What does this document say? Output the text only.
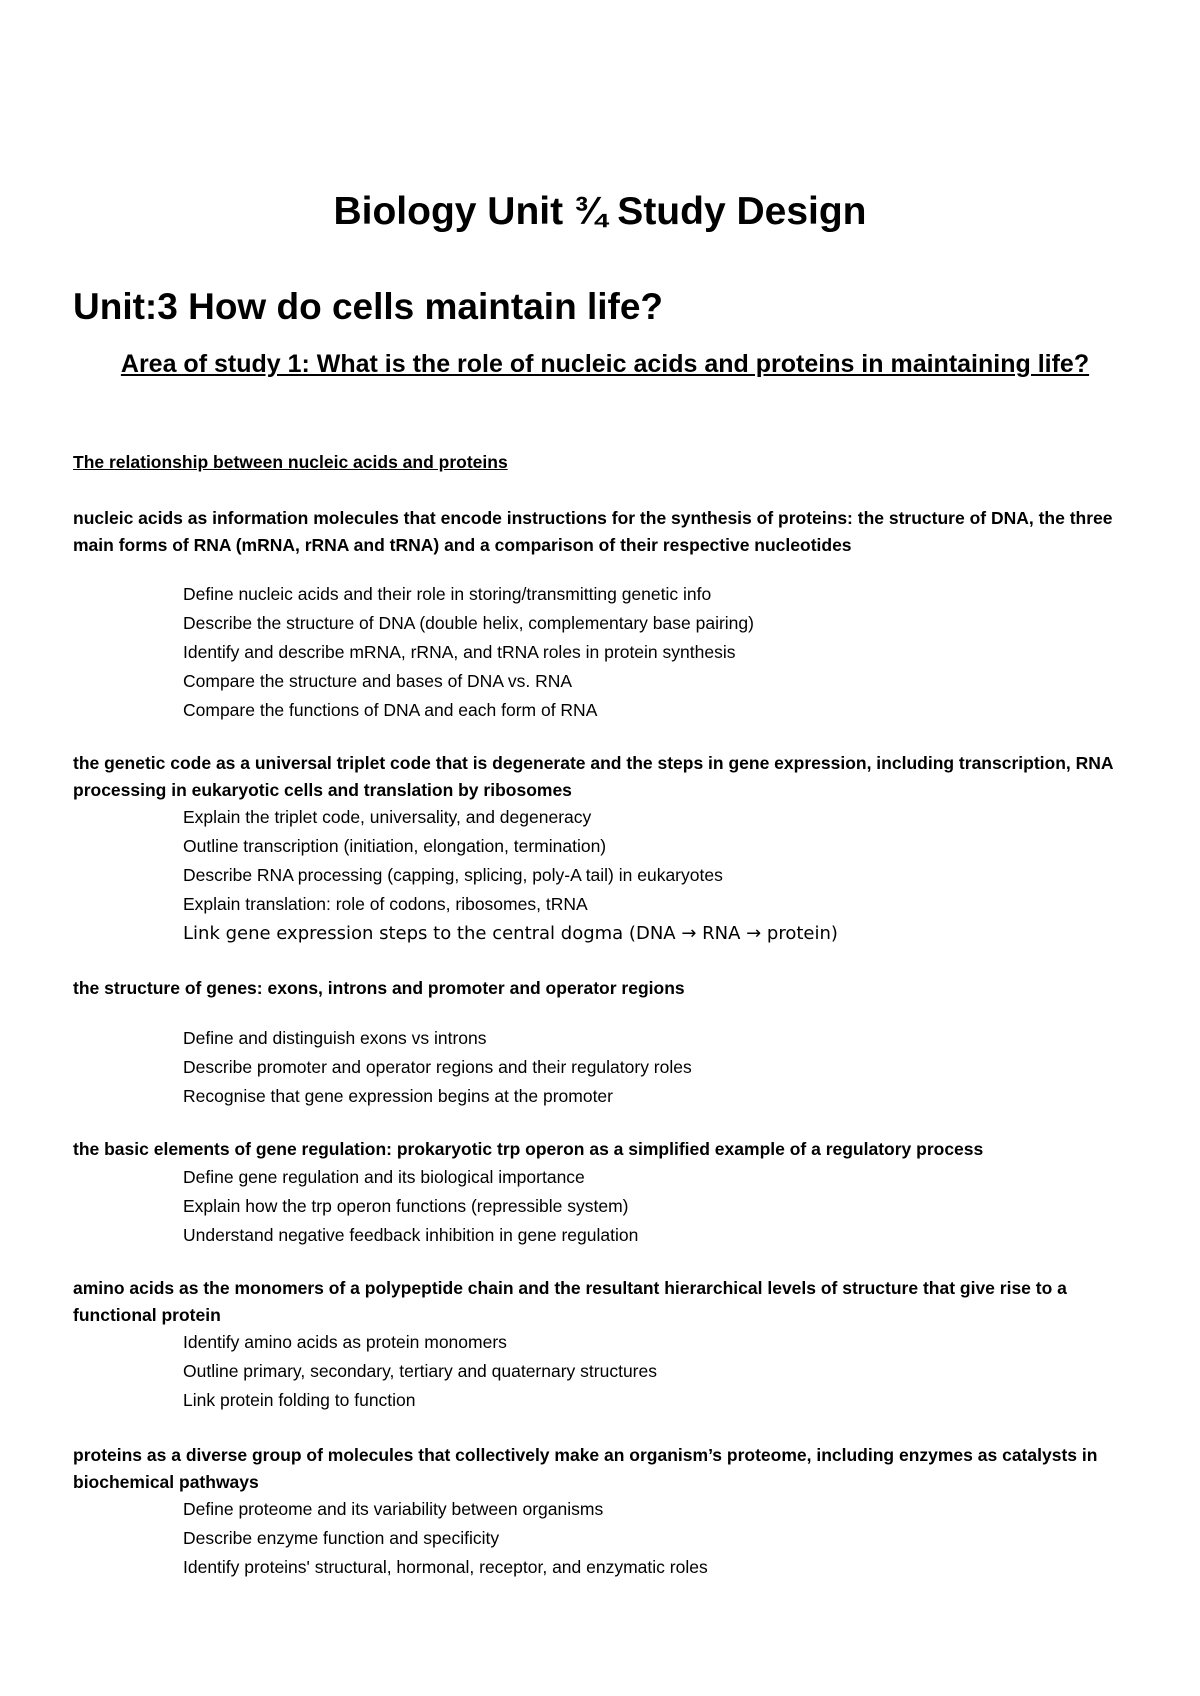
Biology Unit ¾ Study Design
Unit:3 How do cells maintain life?
Area of study 1: What is the role of nucleic acids and proteins in maintaining life?
The relationship between nucleic acids and proteins

nucleic acids as information molecules that encode instructions for the synthesis of proteins: the structure of DNA, the three main forms of RNA (mRNA, rRNA and tRNA) and a comparison of their respective nucleotides

Define nucleic acids and their role in storing/transmitting genetic info
Describe the structure of DNA (double helix, complementary base pairing)
Identify and describe mRNA, rRNA, and tRNA roles in protein synthesis
Compare the structure and bases of DNA vs. RNA
Compare the functions of DNA and each form of RNA

the genetic code as a universal triplet code that is degenerate and the steps in gene expression, including transcription, RNA processing in eukaryotic cells and translation by ribosomes

Explain the triplet code, universality, and degeneracy
Outline transcription (initiation, elongation, termination)
Describe RNA processing (capping, splicing, poly-A tail) in eukaryotes
Explain translation: role of codons, ribosomes, tRNA
Link gene expression steps to the central dogma (DNA → RNA → protein)

the structure of genes: exons, introns and promoter and operator regions

Define and distinguish exons vs introns
Describe promoter and operator regions and their regulatory roles
Recognise that gene expression begins at the promoter

the basic elements of gene regulation: prokaryotic trp operon as a simplified example of a regulatory process

Define gene regulation and its biological importance
Explain how the trp operon functions (repressible system)
Understand negative feedback inhibition in gene regulation

amino acids as the monomers of a polypeptide chain and the resultant hierarchical levels of structure that give rise to a functional protein

Identify amino acids as protein monomers
Outline primary, secondary, tertiary and quaternary structures
Link protein folding to function

proteins as a diverse group of molecules that collectively make an organism’s proteome, including enzymes as catalysts in biochemical pathways

Define proteome and its variability between organisms
Describe enzyme function and specificity
Identify proteins' structural, hormonal, receptor, and enzymatic roles
